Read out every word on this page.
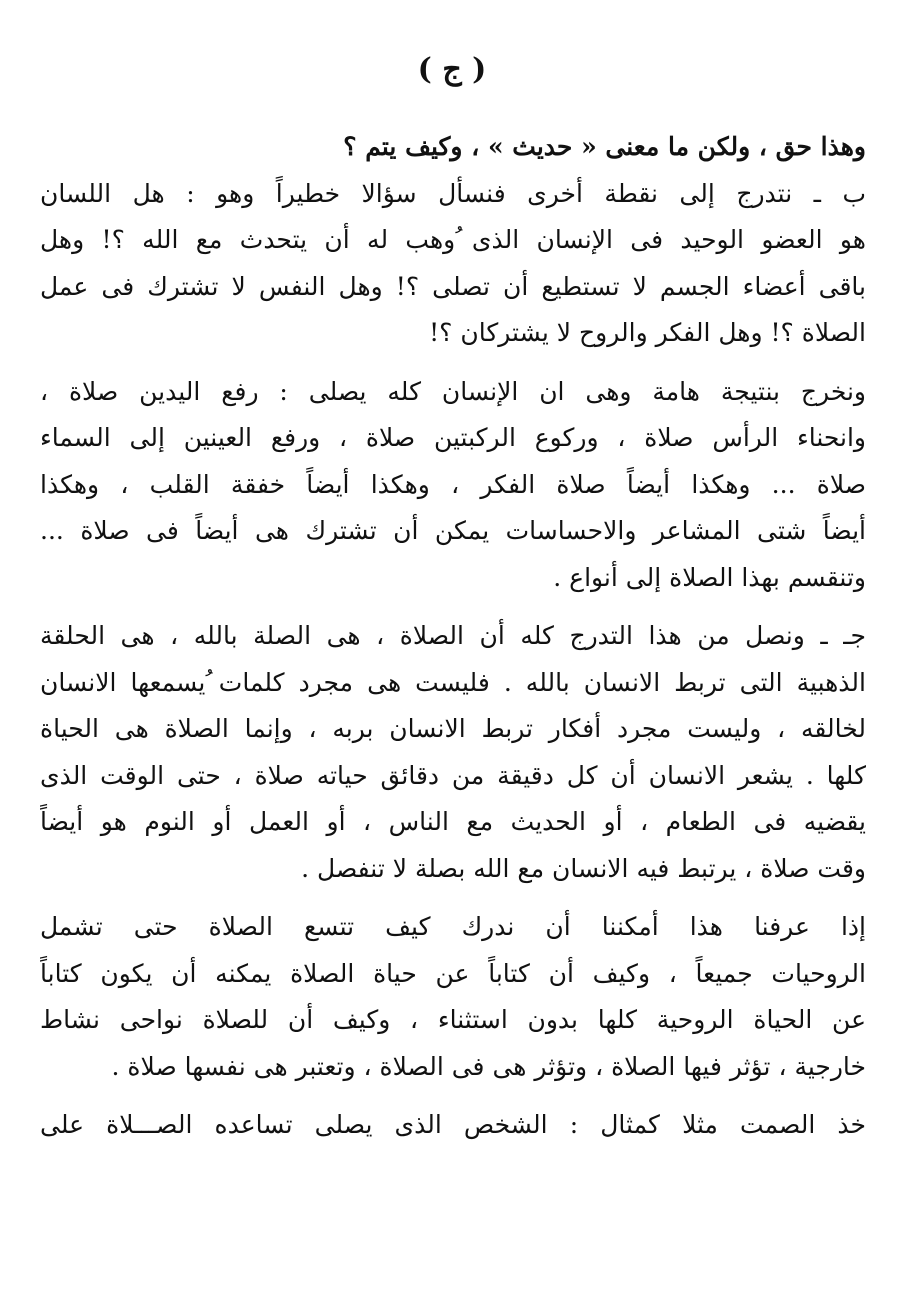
( ج )
وهذا حق ، ولكن ما معنى « حديث » ، وكيف يتم ؟
ب ـ نتدرج إلى نقطة أخرى فنسأل سؤالا خطيراً وهو : هل اللسان
هو العضو الوحيد فى الإنسان الذى ُوهب له أن يتحدث مع الله ؟! وهل
باقى أعضاء الجسم لا تستطيع أن تصلى ؟! وهل النفس لا تشترك فى عمل
الصلاة ؟! وهل الفكر والروح لا يشتركان ؟!
ونخرج بنتيجة هامة وهى ان الإنسان كله يصلى : رفع اليدين صلاة ،
وانحناء الرأس صلاة ، وركوع الركبتين صلاة ، ورفع العينين إلى السماء
صلاة ... وهكذا أيضاً صلاة الفكر ، وهكذا أيضاً خفقة القلب ، وهكذا
أيضاً شتى المشاعر والاحساسات يمكن أن تشترك هى أيضاً فى صلاة ...
وتنقسم بهذا الصلاة إلى أنواع .
جـ ـ ونصل من هذا التدرج كله أن الصلاة ، هى الصلة بالله ، هى الحلقة
الذهبية التى تربط الانسان بالله . فليست هى مجرد كلمات ُيسمعها الانسان
لخالقه ، وليست مجرد أفكار تربط الانسان بربه ، وإنما الصلاة هى الحياة
كلها . يشعر الانسان أن كل دقيقة من دقائق حياته صلاة ، حتى الوقت الذى
يقضيه فى الطعام ، أو الحديث مع الناس ، أو العمل أو النوم هو أيضاً
وقت صلاة ، يرتبط فيه الانسان مع الله بصلة لا تنفصل .
إذا عرفنا هذا أمكننا أن ندرك كيف تتسع الصلاة حتى تشمل
الروحيات جميعاً ، وكيف أن كتاباً عن حياة الصلاة يمكنه أن يكون كتاباً
عن الحياة الروحية كلها بدون استثناء ، وكيف أن للصلاة نواحى نشاط
خارجية ، تؤثر فيها الصلاة ، وتؤثر هى فى الصلاة ، وتعتبر هى نفسها صلاة .
خذ الصمت مثلا كمثال : الشخص الذى يصلى تساعده الصـــلاة على
